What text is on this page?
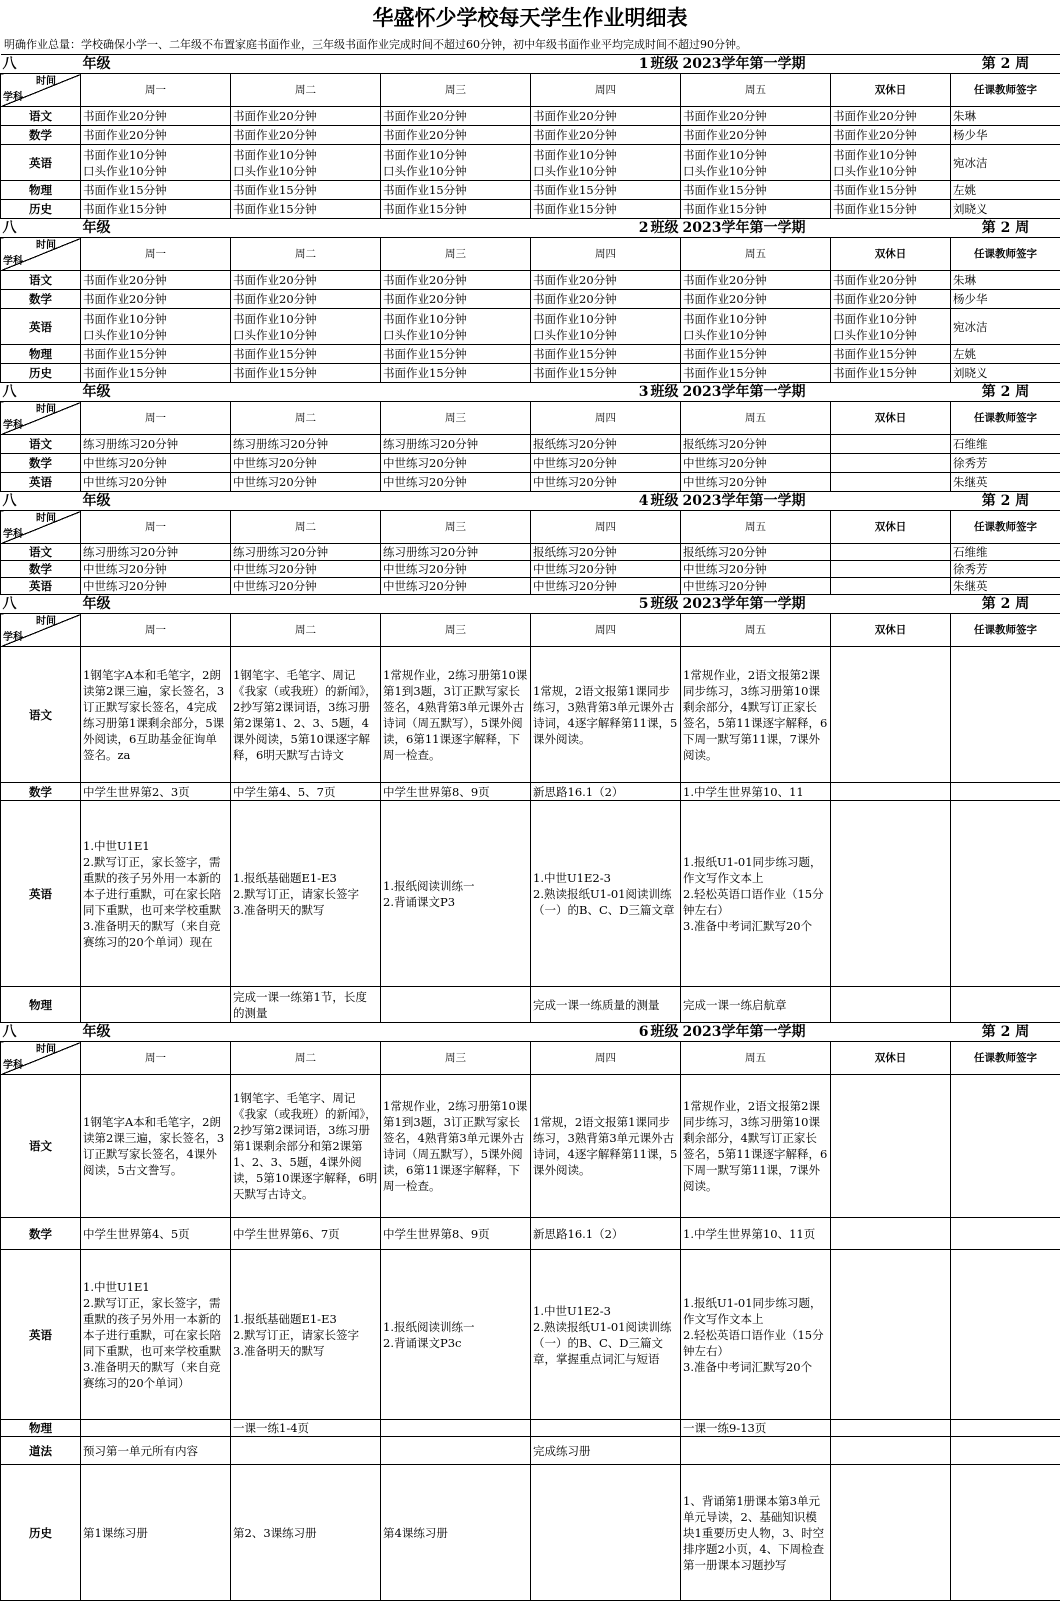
华盛怀少学校每天学生作业明细表
明确作业总量：学校确保小学一、二年级不布置家庭书面作业，三年级书面作业完成时间不超过60分钟，初中年级书面作业平均完成时间不超过90分钟。
八	年级	1 班级			2023学年第一学期		第 2 周

时间
学科	周一	周二	周三	周四	周五	双休日	任课教师签字
语文	书面作业20分钟	书面作业20分钟	书面作业20分钟	书面作业20分钟	书面作业20分钟	书面作业20分钟	朱琳
数学	书面作业20分钟	书面作业20分钟	书面作业20分钟	书面作业20分钟	书面作业20分钟	书面作业20分钟	杨少华
英语	书面作业10分钟
口头作业10分钟	书面作业10分钟
口头作业10分钟	书面作业10分钟
口头作业10分钟	书面作业10分钟
口头作业10分钟	书面作业10分钟
口头作业10分钟	书面作业10分钟
口头作业10分钟	宛冰洁
物理	书面作业15分钟	书面作业15分钟	书面作业15分钟	书面作业15分钟	书面作业15分钟	书面作业15分钟	左姚
历史	书面作业15分钟	书面作业15分钟	书面作业15分钟	书面作业15分钟	书面作业15分钟	书面作业15分钟	刘晓义
八	年级	2 班级			2023学年第一学期		第 2 周

时间
学科	周一	周二	周三	周四	周五	双休日	任课教师签字
语文	书面作业20分钟	书面作业20分钟	书面作业20分钟	书面作业20分钟	书面作业20分钟	书面作业20分钟	朱琳
数学	书面作业20分钟	书面作业20分钟	书面作业20分钟	书面作业20分钟	书面作业20分钟	书面作业20分钟	杨少华
英语	书面作业10分钟
口头作业10分钟	书面作业10分钟
口头作业10分钟	书面作业10分钟
口头作业10分钟	书面作业10分钟
口头作业10分钟	书面作业10分钟
口头作业10分钟	书面作业10分钟
口头作业10分钟	宛冰洁
物理	书面作业15分钟	书面作业15分钟	书面作业15分钟	书面作业15分钟	书面作业15分钟	书面作业15分钟	左姚
历史	书面作业15分钟	书面作业15分钟	书面作业15分钟	书面作业15分钟	书面作业15分钟	书面作业15分钟	刘晓义
八	年级	3 班级			2023学年第一学期		第 2 周

时间
学科	周一	周二	周三	周四	周五	双休日	任课教师签字
语文	练习册练习20分钟	练习册练习20分钟	练习册练习20分钟	报纸练习20分钟	报纸练习20分钟		石维维
数学	中世练习20分钟	中世练习20分钟	中世练习20分钟	中世练习20分钟	中世练习20分钟		徐秀芳
英语	中世练习20分钟	中世练习20分钟	中世练习20分钟	中世练习20分钟	中世练习20分钟		朱继英
八	年级	4 班级			2023学年第一学期		第 2 周

时间
学科	周一	周二	周三	周四	周五	双休日	任课教师签字
语文	练习册练习20分钟	练习册练习20分钟	练习册练习20分钟	报纸练习20分钟	报纸练习20分钟		石维维
数学	中世练习20分钟	中世练习20分钟	中世练习20分钟	中世练习20分钟	中世练习20分钟		徐秀芳
英语	中世练习20分钟	中世练习20分钟	中世练习20分钟	中世练习20分钟	中世练习20分钟		朱继英
八	年级	5 班级			2023学年第一学期		第 2 周

时间
学科	周一	周二	周三	周四	周五	双休日	任课教师签字
语文	1钢笔字A本和毛笔字，2朗读第2课三遍，家长签名，3订正默写家长签名，4完成练习册第1课剩余部分，5课外阅读，6互助基金征询单签名。za	1钢笔字、毛笔字、周记《我家（或我班）的新闻》，2抄写第2课词语，3练习册第2课第1、2、3、5题，4课外阅读，5第10课逐字解释，6明天默写古诗文	1常规作业，2练习册第10课第1到3题，3订正默写家长签名，4熟背第3单元课外古诗词（周五默写），5课外阅读，6第11课逐字解释，下周一检查。	1常规，2语文报第1课同步练习，3熟背第3单元课外古诗词，4逐字解释第11课，5课外阅读。	1常规作业，2语文报第2课同步练习，3练习册第10课剩余部分，4默写订正家长签名，5第11课逐字解释，6下周一默写第11课，7课外阅读。		
数学	中学生世界第2、3页	中学生第4、5、7页	中学生世界第8、9页	新思路16.1（2）	1.中学生世界第10、11		
英语	1.中世U1E1
2.默写订正，家长签字，需重默的孩子另外用一本新的本子进行重默，可在家长陪同下重默，也可来学校重默
3.准备明天的默写（来自竞赛练习的20个单词）现在	1.报纸基础题E1-E3
2.默写订正，请家长签字
3.准备明天的默写	1.报纸阅读训练一
2.背诵课文P3	1.中世U1E2-3
2.熟读报纸U1-01阅读训练（一）的B、C、D三篇文章	1.报纸U1-01同步练习题，作文写作文本上
2.轻松英语口语作业（15分钟左右）
3.准备中考词汇默写20个		
物理		完成一课一练第1节，长度的测量		完成一课一练质量的测量	完成一课一练启航章		
八	年级	6 班级			2023学年第一学期		第 2 周

时间
学科	周一	周二	周三	周四	周五	双休日	任课教师签字
语文	1钢笔字A本和毛笔字，2朗读第2课三遍，家长签名，3订正默写家长签名，4课外阅读，5古文誊写。	1钢笔字、毛笔字、周记《我家（或我班）的新闻》，2抄写第2课词语，3练习册第1课剩余部分和第2课第1、2、3、5题，4课外阅读，5第10课逐字解释，6明天默写古诗文。	1常规作业，2练习册第10课第1到3题，3订正默写家长签名，4熟背第3单元课外古诗词（周五默写），5课外阅读，6第11课逐字解释，下周一检查。	1常规，2语文报第1课同步练习，3熟背第3单元课外古诗词，4逐字解释第11课，5课外阅读。	1常规作业，2语文报第2课同步练习，3练习册第10课剩余部分，4默写订正家长签名，5第11课逐字解释，6下周一默写第11课，7课外阅读。		
数学	中学生世界第4、5页	中学生世界第6、7页	中学生世界第8、9页	新思路16.1（2）	1.中学生世界第10、11页		
英语	1.中世U1E1
2.默写订正，家长签字，需重默的孩子另外用一本新的本子进行重默，可在家长陪同下重默，也可来学校重默
3.准备明天的默写（来自竞赛练习的20个单词）	1.报纸基础题E1-E3
2.默写订正，请家长签字
3.准备明天的默写	1.报纸阅读训练一
2.背诵课文P3c	1.中世U1E2-3
2.熟读报纸U1-01阅读训练（一）的B、C、D三篇文章，掌握重点词汇与短语	1.报纸U1-01同步练习题，作文写作文本上
2.轻松英语口语作业（15分钟左右）
3.准备中考词汇默写20个		
物理		一课一练1-4页			一课一练9-13页		
道法	预习第一单元所有内容			完成练习册			
历史	第1课练习册	第2、3课练习册	第4课练习册		1、背诵第1册课本第3单元单元导读，2、基础知识模块1重要历史人物，3、时空排序题2小页，4、下周检查第一册课本习题抄写		
